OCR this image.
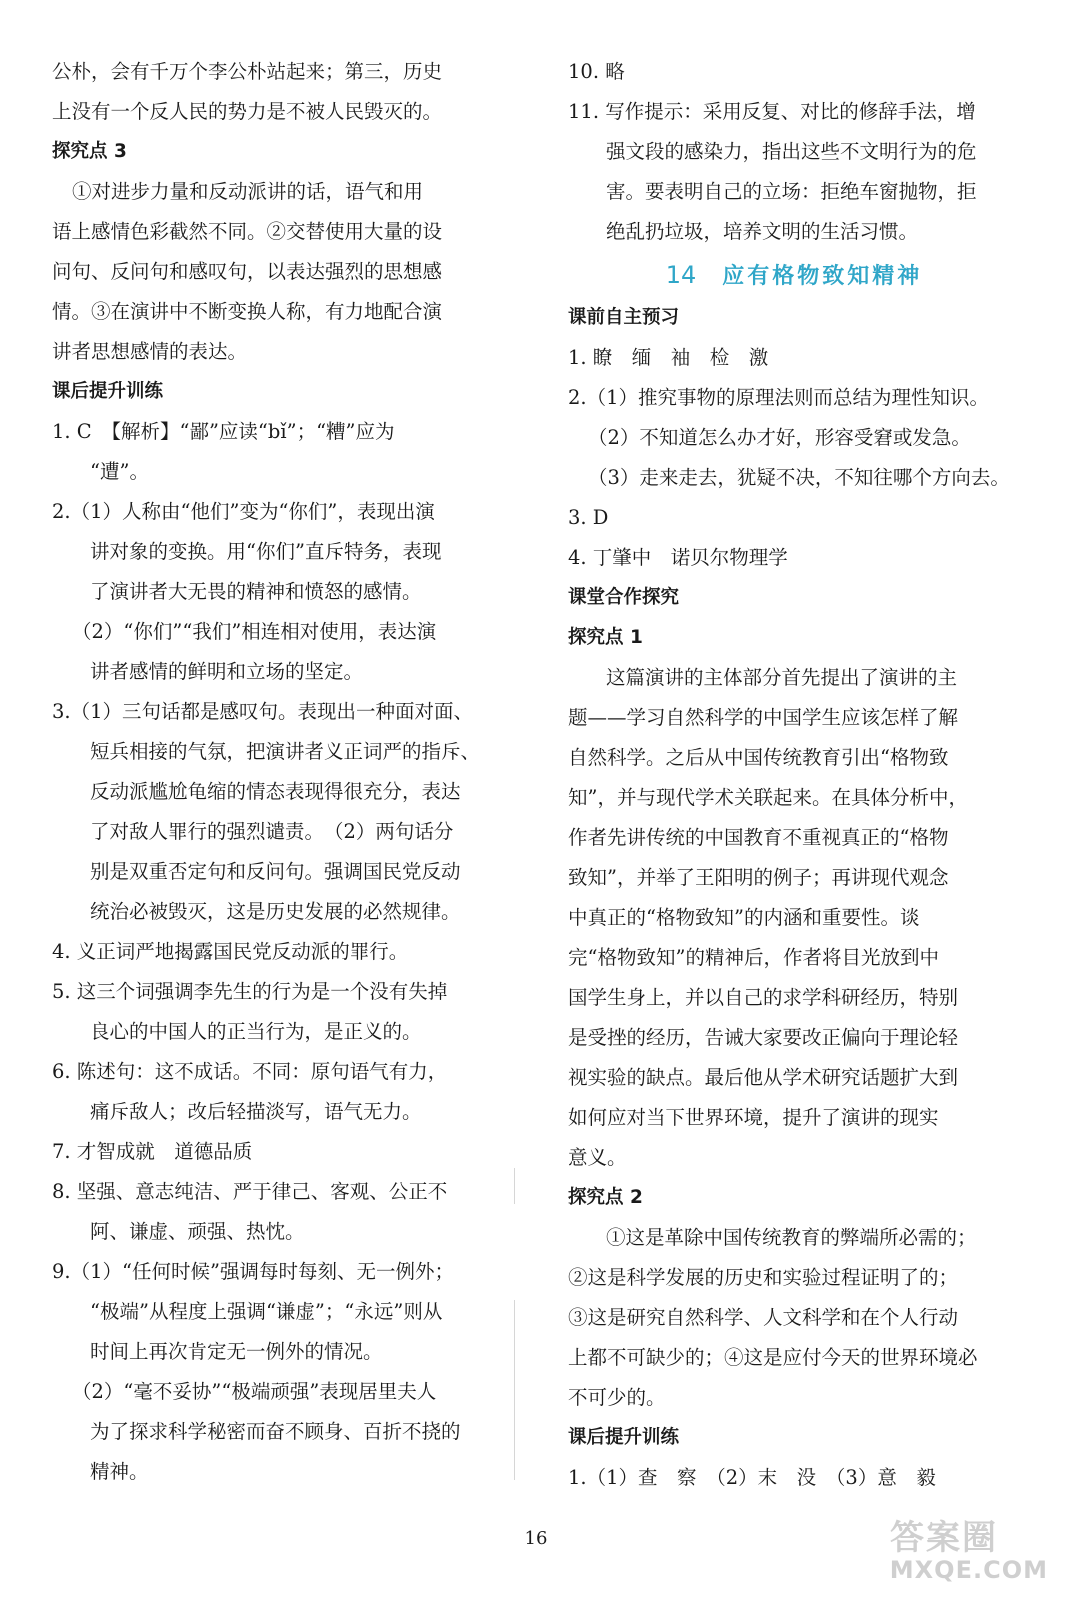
公朴，会有千万个李公朴站起来；第三，历史
上没有一个反人民的势力是不被人民毁灭的。
探究点 3
①对进步力量和反动派讲的话，语气和用
语上感情色彩截然不同。②交替使用大量的设
问句、反问句和感叹句，以表达强烈的思想感
情。③在演讲中不断变换人称，有力地配合演
讲者思想感情的表达。
课后提升训练
1. C　【解析】“鄙”应读“bǐ”；“糟”应为
“遭”。
2.（1）人称由“他们”变为“你们”，表现出演
讲对象的变换。用“你们”直斥特务，表现
了演讲者大无畏的精神和愤怒的感情。
（2）“你们”“我们”相连相对使用，表达演
讲者感情的鲜明和立场的坚定。
3.（1）三句话都是感叹句。表现出一种面对面、
短兵相接的气氛，把演讲者义正词严的指斥、
反动派尴尬龟缩的情态表现得很充分，表达
了对敌人罪行的强烈谴责。　（2）两句话分
别是双重否定句和反问句。强调国民党反动
统治必被毁灭，这是历史发展的必然规律。
4. 义正词严地揭露国民党反动派的罪行。
5. 这三个词强调李先生的行为是一个没有失掉
良心的中国人的正当行为，是正义的。
6. 陈述句：这不成话。不同：原句语气有力，
痛斥敌人；改后轻描淡写，语气无力。
7. 才智成就　道德品质
8. 坚强、意志纯洁、严于律己、客观、公正不
阿、谦虚、顽强、热忱。
9.（1）“任何时候”强调每时每刻、无一例外；
“极端”从程度上强调“谦虚”；“永远”则从
时间上再次肯定无一例外的情况。
（2）“毫不妥协”“极端顽强”表现居里夫人
为了探求科学秘密而奋不顾身、百折不挠的
精神。
10. 略
11. 写作提示：采用反复、对比的修辞手法，增
强文段的感染力，指出这些不文明行为的危
害。要表明自己的立场：拒绝车窗抛物，拒
绝乱扔垃圾，培养文明的生活习惯。
14 应有格物致知精神
课前自主预习
1. 瞭　缅　袖　检　激
2.（1）推究事物的原理法则而总结为理性知识。
（2）不知道怎么办才好，形容受窘或发急。
（3）走来走去，犹疑不决，不知往哪个方向去。
3. D
4. 丁肇中　诺贝尔物理学
课堂合作探究
探究点 1
这篇演讲的主体部分首先提出了演讲的主
题——学习自然科学的中国学生应该怎样了解
自然科学。之后从中国传统教育引出“格物致
知”，并与现代学术关联起来。在具体分析中，
作者先讲传统的中国教育不重视真正的“格物
致知”，并举了王阳明的例子；再讲现代观念
中真正的“格物致知”的内涵和重要性。谈
完“格物致知”的精神后，作者将目光放到中
国学生身上，并以自己的求学科研经历，特别
是受挫的经历，告诫大家要改正偏向于理论轻
视实验的缺点。最后他从学术研究话题扩大到
如何应对当下世界环境，提升了演讲的现实
意义。
探究点 2
①这是革除中国传统教育的弊端所必需的；
②这是科学发展的历史和实验过程证明了的；
③这是研究自然科学、人文科学和在个人行动
上都不可缺少的；④这是应付今天的世界环境必
不可少的。
课后提升训练
1.（1）查　察　（2）末　没　（3）意　毅
16	答案圈
MXQE.COM
